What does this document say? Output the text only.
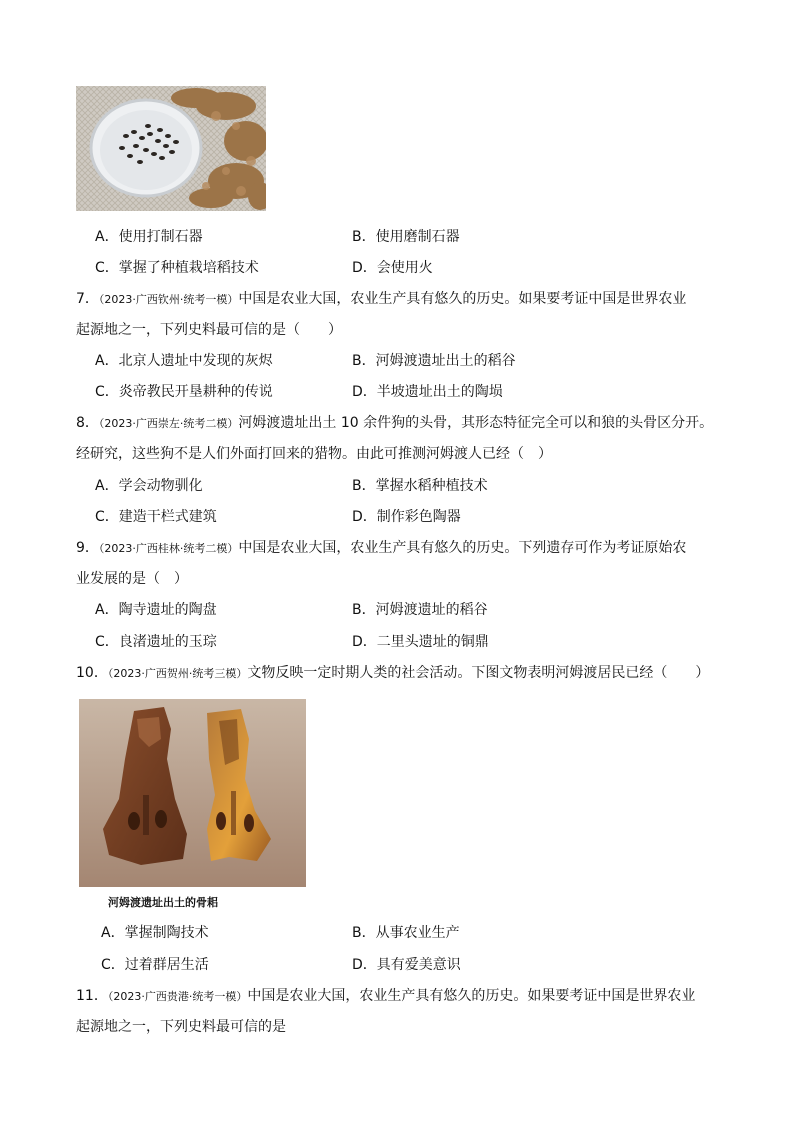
A．使用打制石器	B．使用磨制石器
C．掌握了种植栽培稻技术	D．会使用火
7．（2023·广西钦州·统考一模）中国是农业大国，农业生产具有悠久的历史。如果要考证中国是世界农业
起源地之一，下列史料最可信的是（　　）
A．北京人遗址中发现的灰烬	B．河姆渡遗址出土的稻谷
C．炎帝教民开垦耕种的传说	D．半坡遗址出土的陶埙
8．（2023·广西崇左·统考二模）河姆渡遗址出土 10 余件狗的头骨，其形态特征完全可以和狼的头骨区分开。
经研究，这些狗不是人们外面打回来的猎物。由此可推测河姆渡人已经（　）
A．学会动物驯化	B．掌握水稻种植技术
C．建造干栏式建筑	D．制作彩色陶器
9．（2023·广西桂林·统考二模）中国是农业大国，农业生产具有悠久的历史。下列遗存可作为考证原始农
业发展的是（　）
A．陶寺遗址的陶盘	B．河姆渡遗址的稻谷
C．良渚遗址的玉琮	D．二里头遗址的铜鼎
10．（2023·广西贺州·统考三模）文物反映一定时期人类的社会活动。下图文物表明河姆渡居民已经（　　）
河姆渡遗址出土的骨耜
A．掌握制陶技术	B．从事农业生产
C．过着群居生活	D．具有爱美意识
11．（2023·广西贵港·统考一模）中国是农业大国，农业生产具有悠久的历史。如果要考证中国是世界农业
起源地之一，下列史料最可信的是
